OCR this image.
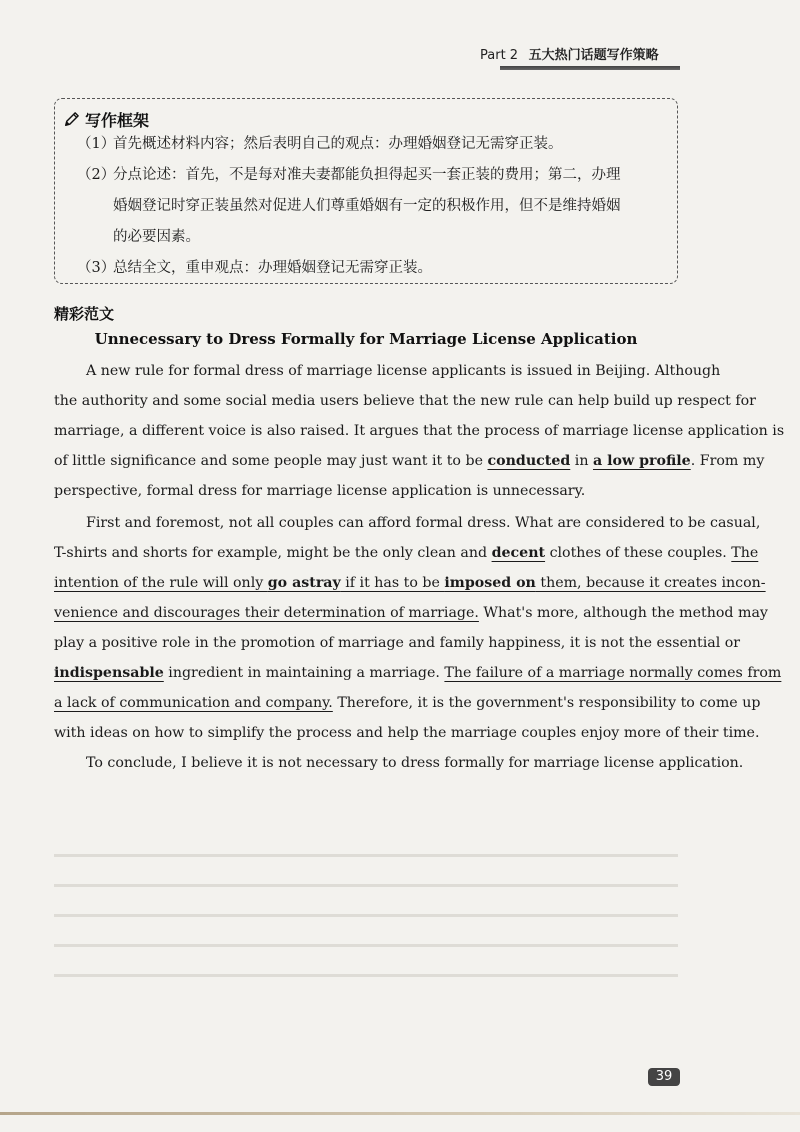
Part 2 五大热门话题写作策略
写作框架
（1）首先概述材料内容；然后表明自己的观点：办理婚姻登记无需穿正装。
（2）分点论述：首先，不是每对准夫妻都能负担得起买一套正装的费用；第二，办理
婚姻登记时穿正装虽然对促进人们尊重婚姻有一定的积极作用，但不是维持婚姻
的必要因素。
（3）总结全文，重申观点：办理婚姻登记无需穿正装。
精彩范文
Unnecessary to Dress Formally for Marriage License Application
A new rule for formal dress of marriage license applicants is issued in Beijing. Although
the authority and some social media users believe that the new rule can help build up respect for
marriage, a different voice is also raised. It argues that the process of marriage license application is
of little significance and some people may just want it to be conducted in a low profile. From my
perspective, formal dress for marriage license application is unnecessary.
First and foremost, not all couples can afford formal dress. What are considered to be casual,
T-shirts and shorts for example, might be the only clean and decent clothes of these couples. The
intention of the rule will only go astray if it has to be imposed on them, because it creates incon-
venience and discourages their determination of marriage. What's more, although the method may
play a positive role in the promotion of marriage and family happiness, it is not the essential or
indispensable ingredient in maintaining a marriage. The failure of a marriage normally comes from
a lack of communication and company. Therefore, it is the government's responsibility to come up
with ideas on how to simplify the process and help the marriage couples enjoy more of their time.
To conclude, I believe it is not necessary to dress formally for marriage license application.
39
